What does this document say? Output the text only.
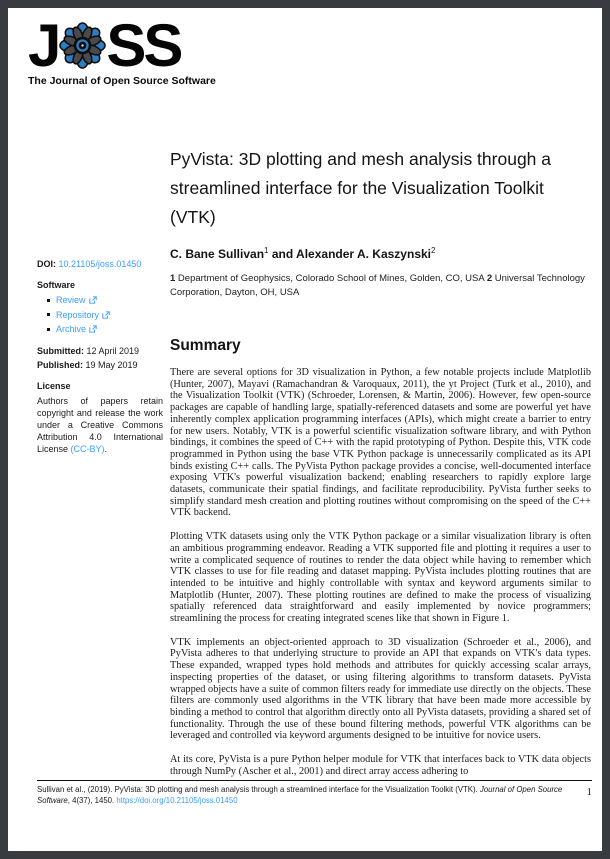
J SS
The Journal of Open Source Software
DOI: 10.21105/joss.01450
Software
Review
Repository
Archive
Submitted: 12 April 2019
Published: 19 May 2019
License
Authors of papers retain copyright and release the work under a Creative Commons Attribution 4.0 International License (CC-BY).
PyVista: 3D plotting and mesh analysis through a streamlined interface for the Visualization Toolkit (VTK)
C. Bane Sullivan$^1$ and Alexander A. Kaszynski$^2$
1 Department of Geophysics, Colorado School of Mines, Golden, CO, USA 2 Universal Technology Corporation, Dayton, OH, USA
Summary

There are several options for 3D visualization in Python, a few notable projects include Matplotlib (Hunter, 2007), Mayavi (Ramachandran & Varoquaux, 2011), the yt Project (Turk et al., 2010), and the Visualization Toolkit (VTK) (Schroeder, Lorensen, & Martin, 2006). However, few open-source packages are capable of handling large, spatially-referenced datasets and some are powerful yet have inherently complex application programming interfaces (APIs), which might create a barrier to entry for new users. Notably, VTK is a powerful scientific visualization software library, and with Python bindings, it combines the speed of C++ with the rapid prototyping of Python. Despite this, VTK code programmed in Python using the base VTK Python package is unnecessarily complicated as its API binds existing C++ calls. The PyVista Python package provides a concise, well-documented interface exposing VTK's powerful visualization backend; enabling researchers to rapidly explore large datasets, communicate their spatial findings, and facilitate reproducibility. PyVista further seeks to simplify standard mesh creation and plotting routines without compromising on the speed of the C++ VTK backend.

Plotting VTK datasets using only the VTK Python package or a similar visualization library is often an ambitious programming endeavor. Reading a VTK supported file and plotting it requires a user to write a complicated sequence of routines to render the data object while having to remember which VTK classes to use for file reading and dataset mapping. PyVista includes plotting routines that are intended to be intuitive and highly controllable with syntax and keyword arguments similar to Matplotlib (Hunter, 2007). These plotting routines are defined to make the process of visualizing spatially referenced data straightforward and easily implemented by novice programmers; streamlining the process for creating integrated scenes like that shown in Figure 1.

VTK implements an object-oriented approach to 3D visualization (Schroeder et al., 2006), and PyVista adheres to that underlying structure to provide an API that expands on VTK's data types. These expanded, wrapped types hold methods and attributes for quickly accessing scalar arrays, inspecting properties of the dataset, or using filtering algorithms to transform datasets. PyVista wrapped objects have a suite of common filters ready for immediate use directly on the objects. These filters are commonly used algorithms in the VTK library that have been made more accessible by binding a method to control that algorithm directly onto all PyVista datasets, providing a shared set of functionality. Through the use of these bound filtering methods, powerful VTK algorithms can be leveraged and controlled via keyword arguments designed to be intuitive for novice users.

At its core, PyVista is a pure Python helper module for VTK that interfaces back to VTK data objects through NumPy (Ascher et al., 2001) and direct array access adhering to

Sullivan et al., (2019). PyVista: 3D plotting and mesh analysis through a streamlined interface for the Visualization Toolkit (VTK). Journal of Open Source Software, 4(37), 1450. https://doi.org/10.21105/joss.01450
1
